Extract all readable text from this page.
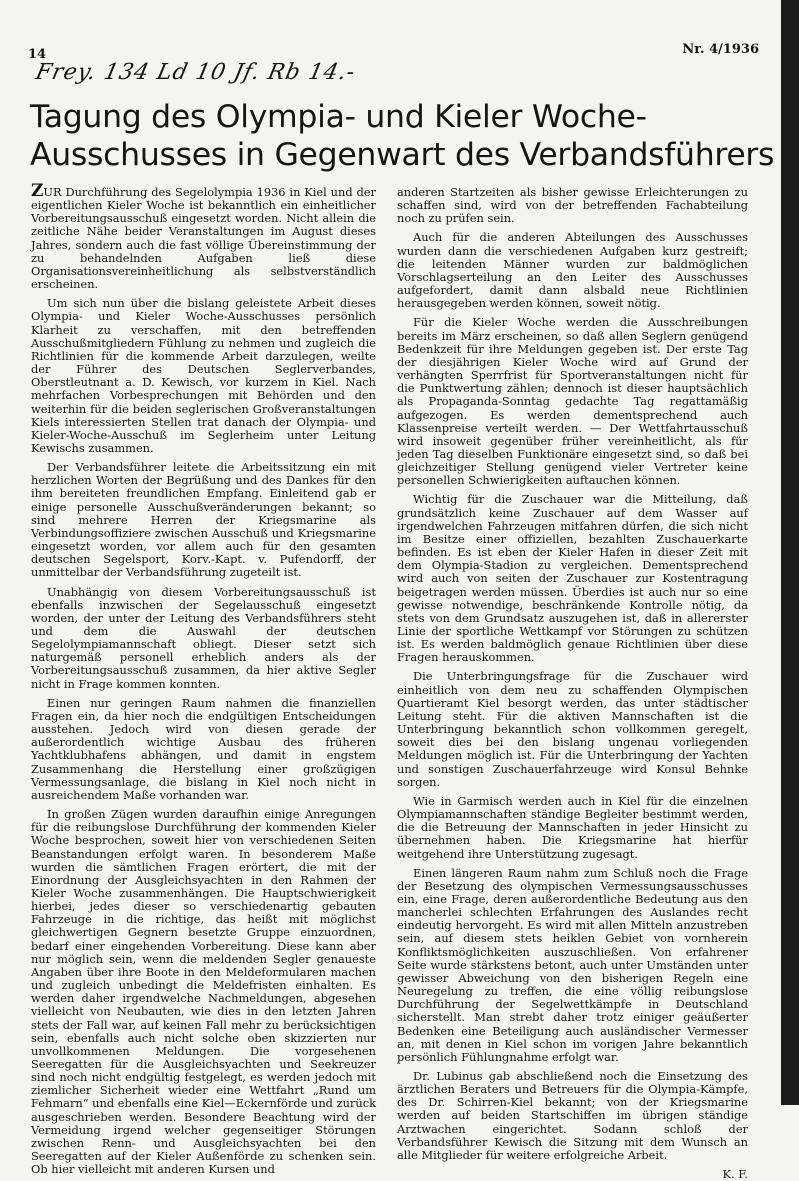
14	Nr. 4/1936
Frey. 134 Ld 10 Jf. Rb 14.-
Tagung des Olympia- und Kieler Woche-Ausschusses in Gegenwart des Verbandsführers

ZUR Durchführung des Segelolympia 1936 in Kiel und der eigentlichen Kieler Woche ist bekanntlich ein einheitlicher Vorbereitungsausschuß eingesetzt worden. Nicht allein die zeitliche Nähe beider Veranstaltungen im August dieses Jahres, sondern auch die fast völlige Übereinstimmung der zu behandelnden Aufgaben ließ diese Organisationsvereinheitlichung als selbstverständlich erscheinen.

Um sich nun über die bislang geleistete Arbeit dieses Olympia- und Kieler Woche-Ausschusses persönlich Klarheit zu verschaffen, mit den betreffenden Ausschußmitgliedern Fühlung zu nehmen und zugleich die Richtlinien für die kommende Arbeit darzulegen, weilte der Führer des Deutschen Seglerverbandes, Oberstleutnant a. D. Kewisch, vor kurzem in Kiel. Nach mehrfachen Vorbesprechungen mit Behörden und den weiterhin für die beiden seglerischen Großveranstaltungen Kiels interessierten Stellen trat danach der Olympia- und Kieler-Woche-Ausschuß im Seglerheim unter Leitung Kewischs zusammen.

Der Verbandsführer leitete die Arbeitssitzung ein mit herzlichen Worten der Begrüßung und des Dankes für den ihm bereiteten freundlichen Empfang. Einleitend gab er einige personelle Ausschußveränderungen bekannt; so sind mehrere Herren der Kriegsmarine als Verbindungsoffiziere zwischen Ausschuß und Kriegsmarine eingesetzt worden, vor allem auch für den gesamten deutschen Segelsport, Korv.-Kapt. v. Pufendorff, der unmittelbar der Verbandsführung zugeteilt ist.

Unabhängig von diesem Vorbereitungsausschuß ist ebenfalls inzwischen der Segelausschuß eingesetzt worden, der unter der Leitung des Verbandsführers steht und dem die Auswahl der deutschen Segelolympiamannschaft obliegt. Dieser setzt sich naturgemäß personell erheblich anders als der Vorbereitungsausschuß zusammen, da hier aktive Segler nicht in Frage kommen konnten.

Einen nur geringen Raum nahmen die finanziellen Fragen ein, da hier noch die endgültigen Entscheidungen ausstehen. Jedoch wird von diesen gerade der außerordentlich wichtige Ausbau des früheren Yachtklubhafens abhängen, und damit in engstem Zusammenhang die Herstellung einer großzügigen Vermessungsanlage, die bislang in Kiel noch nicht in ausreichendem Maße vorhanden war.

In großen Zügen wurden daraufhin einige Anregungen für die reibungslose Durchführung der kommenden Kieler Woche besprochen, soweit hier von verschiedenen Seiten Beanstandungen erfolgt waren. In besonderem Maße wurden die sämtlichen Fragen erörtert, die mit der Einordnung der Ausgleichsyachten in den Rahmen der Kieler Woche zusammenhängen. Die Hauptschwierigkeit hierbei, jedes dieser so verschiedenartig gebauten Fahrzeuge in die richtige, das heißt mit möglichst gleichwertigen Gegnern besetzte Gruppe einzuordnen, bedarf einer eingehenden Vorbereitung. Diese kann aber nur möglich sein, wenn die meldenden Segler genaueste Angaben über ihre Boote in den Meldeformularen machen und zugleich unbedingt die Meldefristen einhalten. Es werden daher irgendwelche Nachmeldungen, abgesehen vielleicht von Neubauten, wie dies in den letzten Jahren stets der Fall war, auf keinen Fall mehr zu berücksichtigen sein, ebenfalls auch nicht solche oben skizzierten nur unvollkommenen Meldungen. Die vorgesehenen Seeregatten für die Ausgleichsyachten und Seekreuzer sind noch nicht endgültig festgelegt, es werden jedoch mit ziemlicher Sicherheit wieder eine Wettfahrt „Rund um Fehmarn“ und ebenfalls eine Kiel—Eckernförde und zurück ausgeschrieben werden. Besondere Beachtung wird der Vermeidung irgend welcher gegenseitiger Störungen zwischen Renn- und Ausgleichsyachten bei den Seeregatten auf der Kieler Außenförde zu schenken sein. Ob hier vielleicht mit anderen Kursen und

anderen Startzeiten als bisher gewisse Erleichterungen zu schaffen sind, wird von der betreffenden Fachabteilung noch zu prüfen sein.

Auch für die anderen Abteilungen des Ausschusses wurden dann die verschiedenen Aufgaben kurz gestreift; die leitenden Männer wurden zur baldmöglichen Vorschlagserteilung an den Leiter des Ausschusses aufgefordert, damit dann alsbald neue Richtlinien herausgegeben werden können, soweit nötig.

Für die Kieler Woche werden die Ausschreibungen bereits im März erscheinen, so daß allen Seglern genügend Bedenkzeit für ihre Meldungen gegeben ist. Der erste Tag der diesjährigen Kieler Woche wird auf Grund der verhängten Sperrfrist für Sportveranstaltungen nicht für die Punktwertung zählen; dennoch ist dieser hauptsächlich als Propaganda-Sonntag gedachte Tag regattamäßig aufgezogen. Es werden dementsprechend auch Klassenpreise verteilt werden. — Der Wettfahrtausschuß wird insoweit gegenüber früher vereinheitlicht, als für jeden Tag dieselben Funktionäre eingesetzt sind, so daß bei gleichzeitiger Stellung genügend vieler Vertreter keine personellen Schwierigkeiten auftauchen können.

Wichtig für die Zuschauer war die Mitteilung, daß grundsätzlich keine Zuschauer auf dem Wasser auf irgendwelchen Fahrzeugen mitfahren dürfen, die sich nicht im Besitze einer offiziellen, bezahlten Zuschauerkarte befinden. Es ist eben der Kieler Hafen in dieser Zeit mit dem Olympia-Stadion zu vergleichen. Dementsprechend wird auch von seiten der Zuschauer zur Kostentragung beigetragen werden müssen. Überdies ist auch nur so eine gewisse notwendige, beschränkende Kontrolle nötig, da stets von dem Grundsatz auszugehen ist, daß in allererster Linie der sportliche Wettkampf vor Störungen zu schützen ist. Es werden baldmöglich genaue Richtlinien über diese Fragen herauskommen.

Die Unterbringungsfrage für die Zuschauer wird einheitlich von dem neu zu schaffenden Olympischen Quartieramt Kiel besorgt werden, das unter städtischer Leitung steht. Für die aktiven Mannschaften ist die Unterbringung bekanntlich schon vollkommen geregelt, soweit dies bei den bislang ungenau vorliegenden Meldungen möglich ist. Für die Unterbringung der Yachten und sonstigen Zuschauerfahrzeuge wird Konsul Behnke sorgen.

Wie in Garmisch werden auch in Kiel für die einzelnen Olympiamannschaften ständige Begleiter bestimmt werden, die die Betreuung der Mannschaften in jeder Hinsicht zu übernehmen haben. Die Kriegsmarine hat hierfür weitgehend ihre Unterstützung zugesagt.

Einen längeren Raum nahm zum Schluß noch die Frage der Besetzung des olympischen Vermessungsausschusses ein, eine Frage, deren außerordentliche Bedeutung aus den mancherlei schlechten Erfahrungen des Auslandes recht eindeutig hervorgeht. Es wird mit allen Mitteln anzustreben sein, auf diesem stets heiklen Gebiet von vornherein Konfliktsmöglichkeiten auszuschließen. Von erfahrener Seite wurde stärkstens betont, auch unter Umständen unter gewisser Abweichung von den bisherigen Regeln eine Neuregelung zu treffen, die eine völlig reibungslose Durchführung der Segelwettkämpfe in Deutschland sicherstellt. Man strebt daher trotz einiger geäußerter Bedenken eine Beteiligung auch ausländischer Vermesser an, mit denen in Kiel schon im vorigen Jahre bekanntlich persönlich Fühlungnahme erfolgt war.

Dr. Lubinus gab abschließend noch die Einsetzung des ärztlichen Beraters und Betreuers für die Olympia-Kämpfe, des Dr. Schirren-Kiel bekannt; von der Kriegsmarine werden auf beiden Startschiffen im übrigen ständige Arztwachen eingerichtet. Sodann schloß der Verbandsführer Kewisch die Sitzung mit dem Wunsch an alle Mitglieder für weitere erfolgreiche Arbeit.

K. F.
